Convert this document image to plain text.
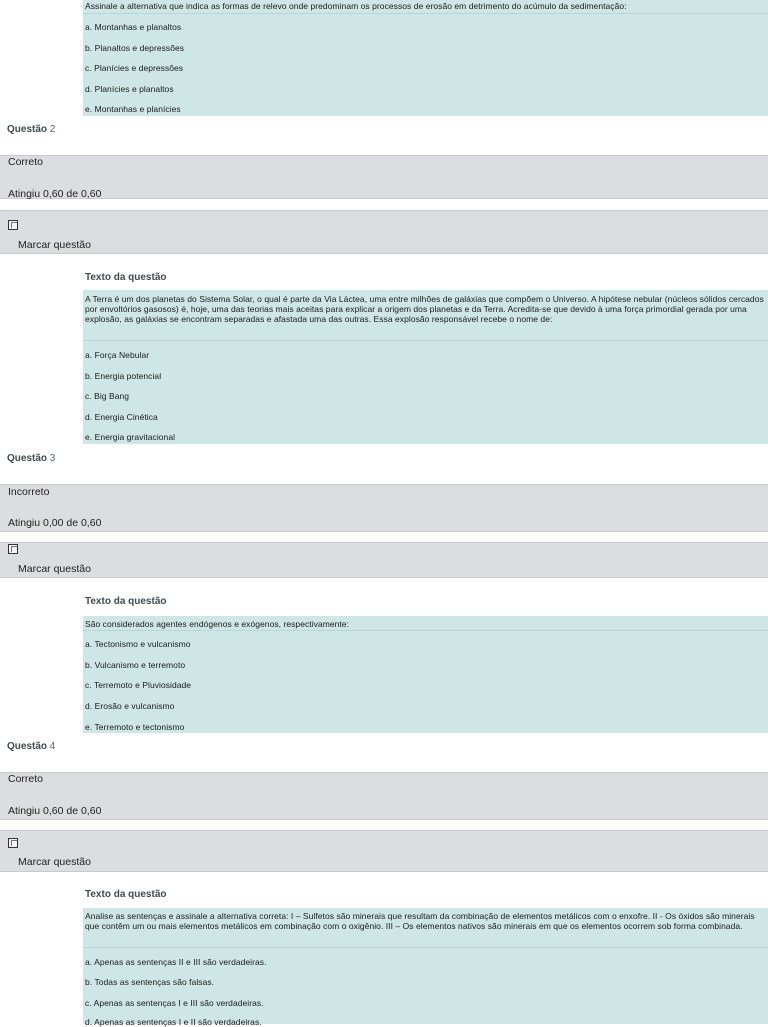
Assinale a alternativa que indica as formas de relevo onde predominam os processos de erosão em detrimento do acúmulo da sedimentação:
a. Montanhas e planaltos
b. Planaltos e depressões
c. Planícies e depressões
d. Planícies e planaltos
e. Montanhas e planícies
Questão 2
Correto
Atingiu 0,60 de 0,60
Marcar questão
Texto da questão
A Terra é um dos planetas do Sistema Solar, o qual é parte da Via Láctea, uma entre milhões de galáxias que compõem o Universo. A hipótese nebular (núcleos sólidos cercados por envoltórios gasosos) é, hoje, uma das teorias mais aceitas para explicar a origem dos planetas e da Terra. Acredita-se que devido à uma força primordial gerada por uma explosão, as galáxias se encontram separadas e afastada uma das outras. Essa explosão responsável recebe o nome de:
a. Força Nebular
b. Energia potencial
c. Big Bang
d. Energia Cinética
e. Energia gravitacional
Questão 3
Incorreto
Atingiu 0,00 de 0,60
Marcar questão
Texto da questão
São considerados agentes endógenos e exógenos, respectivamente:
a. Tectonismo e vulcanismo
b. Vulcanismo e terremoto
c. Terremoto e Pluviosidade
d. Erosão e vulcanismo
e. Terremoto e tectonismo
Questão 4
Correto
Atingiu 0,60 de 0,60
Marcar questão
Texto da questão
Analise as sentenças e assinale a alternativa correta: I – Sulfetos são minerais que resultam da combinação de elementos metálicos com o enxofre. II - Os óxidos são minerais que contêm um ou mais elementos metálicos em combinação com o oxigênio. III – Os elementos nativos são minerais em que os elementos ocorrem sob forma combinada.
a. Apenas as sentenças II e III são verdadeiras.
b. Todas as sentenças são falsas.
c. Apenas as sentenças I e III são verdadeiras.
d. Apenas as sentenças I e II são verdadeiras.
